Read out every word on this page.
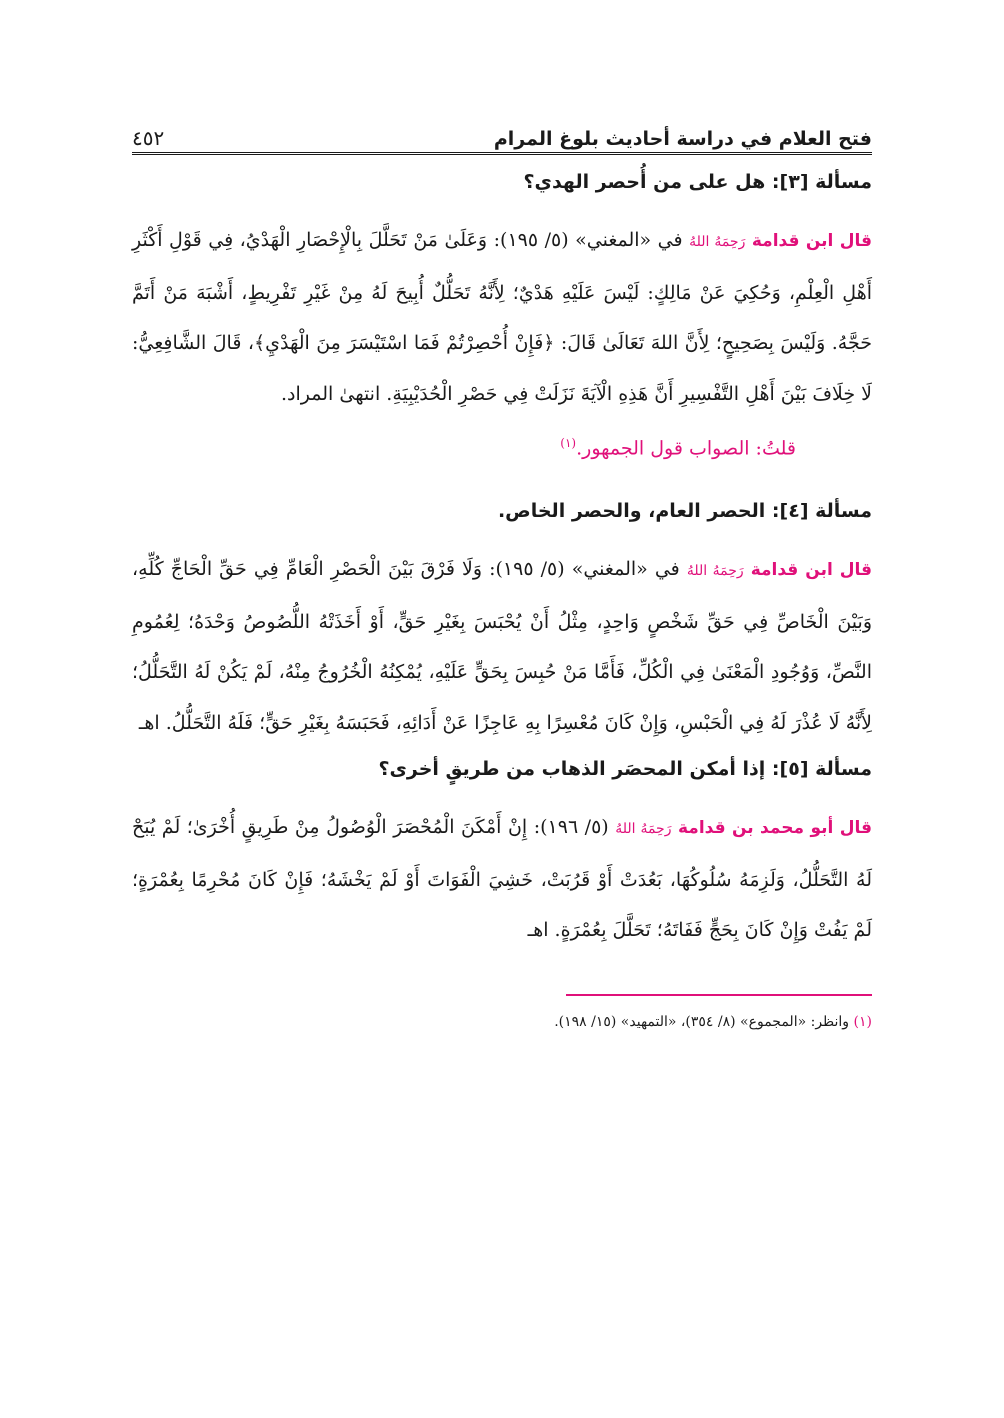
فتح العلام في دراسة أحاديث بلوغ المرام
٤٥٢
مسألة [٣]: هل على من أُحصر الهدي؟

قال ابن قدامة رَحِمَهُ اللهُ في «المغني» (٥/ ١٩٥): وَعَلَىٰ مَنْ تَحَلَّلَ بِالْإِحْصَارِ الْهَدْيُ، فِي قَوْلِ أَكْثَرِ أَهْلِ الْعِلْمِ، وَحُكِيَ عَنْ مَالِكٍ: لَيْسَ عَلَيْهِ هَدْيٌ؛ لِأَنَّهُ تَحَلُّلٌ أُبِيحَ لَهُ مِنْ غَيْرِ تَفْرِيطٍ، أَشْبَهَ مَنْ أَتَمَّ حَجَّهُ. وَلَيْسَ بِصَحِيحٍ؛ لِأَنَّ اللهَ تَعَالَىٰ قَالَ: ﴿فَإِنْ أُحْصِرْتُمْ فَمَا اسْتَيْسَرَ مِنَ الْهَدْيِ﴾، قَالَ الشَّافِعِيُّ: لَا خِلَافَ بَيْنَ أَهْلِ التَّفْسِيرِ أَنَّ هَذِهِ الْآيَةَ نَزَلَتْ فِي حَصْرِ الْحُدَيْبِيَةِ. انتهىٰ المراد.

قلتُ: الصواب قول الجمهور.$^{(١)}$
مسألة [٤]: الحصر العام، والحصر الخاص.

قال ابن قدامة رَحِمَهُ اللهُ في «المغني» (٥/ ١٩٥): وَلَا فَرْقَ بَيْنَ الْحَصْرِ الْعَامِّ فِي حَقِّ الْحَاجِّ كُلِّهِ، وَبَيْنَ الْخَاصِّ فِي حَقِّ شَخْصٍ وَاحِدٍ، مِثْلُ أَنْ يُحْبَسَ بِغَيْرِ حَقٍّ، أَوْ أَخَذَتْهُ اللُّصُوصُ وَحْدَهُ؛ لِعُمُومِ النَّصِّ، وَوُجُودِ الْمَعْنَىٰ فِي الْكُلِّ، فَأَمَّا مَنْ حُبِسَ بِحَقٍّ عَلَيْهِ، يُمْكِنُهُ الْخُرُوجُ مِنْهُ، لَمْ يَكُنْ لَهُ التَّحَلُّلُ؛ لِأَنَّهُ لَا عُذْرَ لَهُ فِي الْحَبْسِ، وَإِنْ كَانَ مُعْسِرًا بِهِ عَاجِزًا عَنْ أَدَائِهِ، فَحَبَسَهُ بِغَيْرِ حَقٍّ؛ فَلَهُ التَّحَلُّلُ. اهـ

مسألة [٥]: إذا أمكن المحصَر الذهاب من طريقٍ أخرى؟

قال أبو محمد بن قدامة رَحِمَهُ اللهُ (٥/ ١٩٦): إِنْ أَمْكَنَ الْمُحْصَرَ الْوُصُولُ مِنْ طَرِيقٍ أُخْرَىٰ؛ لَمْ يُبَحْ لَهُ التَّحَلُّلُ، وَلَزِمَهُ سُلُوكُهَا، بَعُدَتْ أَوْ قَرُبَتْ، خَشِيَ الْفَوَاتَ أَوْ لَمْ يَخْشَهُ؛ فَإِنْ كَانَ مُحْرِمًا بِعُمْرَةٍ؛ لَمْ يَفُتْ وَإِنْ كَانَ بِحَجٍّ فَفَاتَهُ؛ تَحَلَّلَ بِعُمْرَةٍ. اهـ

(١) وانظر: «المجموع» (٨/ ٣٥٤)، «التمهيد» (١٥/ ١٩٨).
